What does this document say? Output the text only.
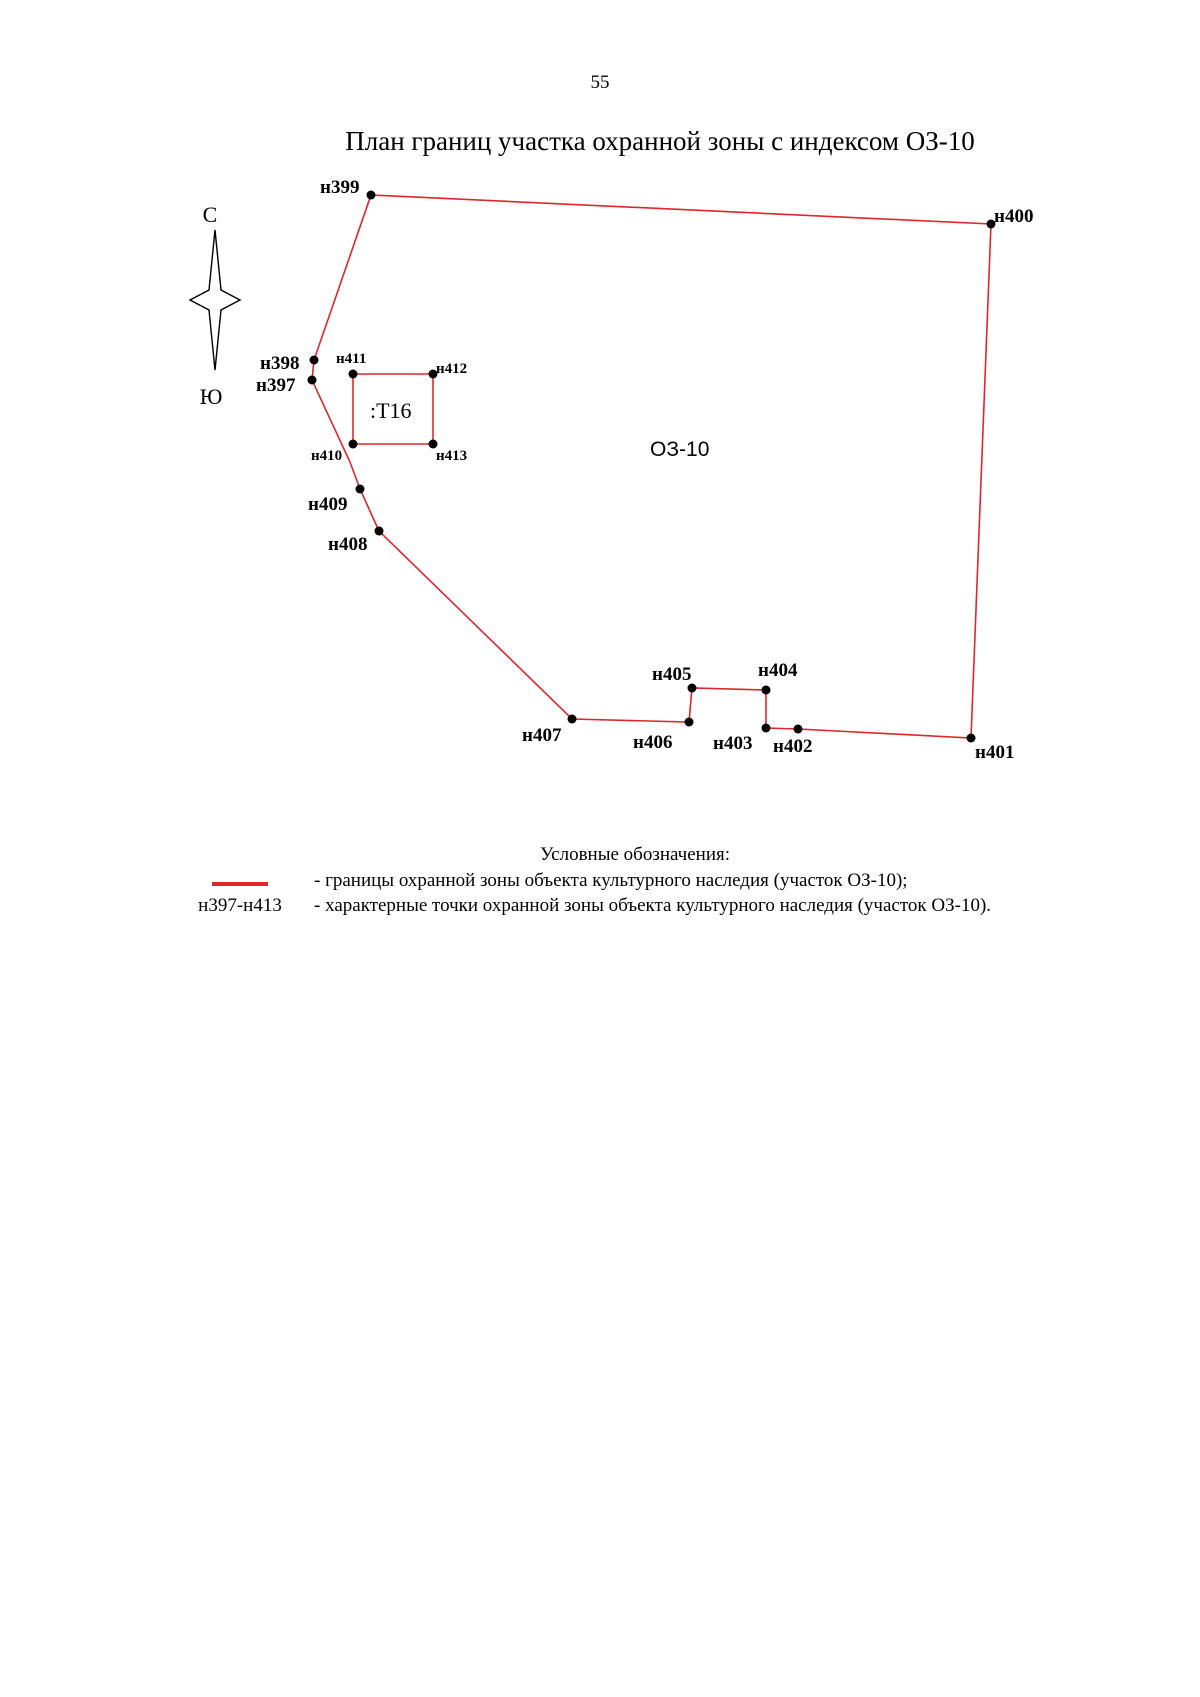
55
План границ участка охранной зоны с индексом ОЗ-10
С
Ю
н399
н400
н401
н402
н403
н404
н405
н406
н407
н408
н409
н410
н411
н412
н413
н398
н397
ОЗ-10
:Т16
Условные обозначения:
- границы охранной зоны объекта культурного наследия (участок ОЗ-10);
н397-н413	- характерные точки охранной зоны объекта культурного наследия (участок ОЗ-10).
